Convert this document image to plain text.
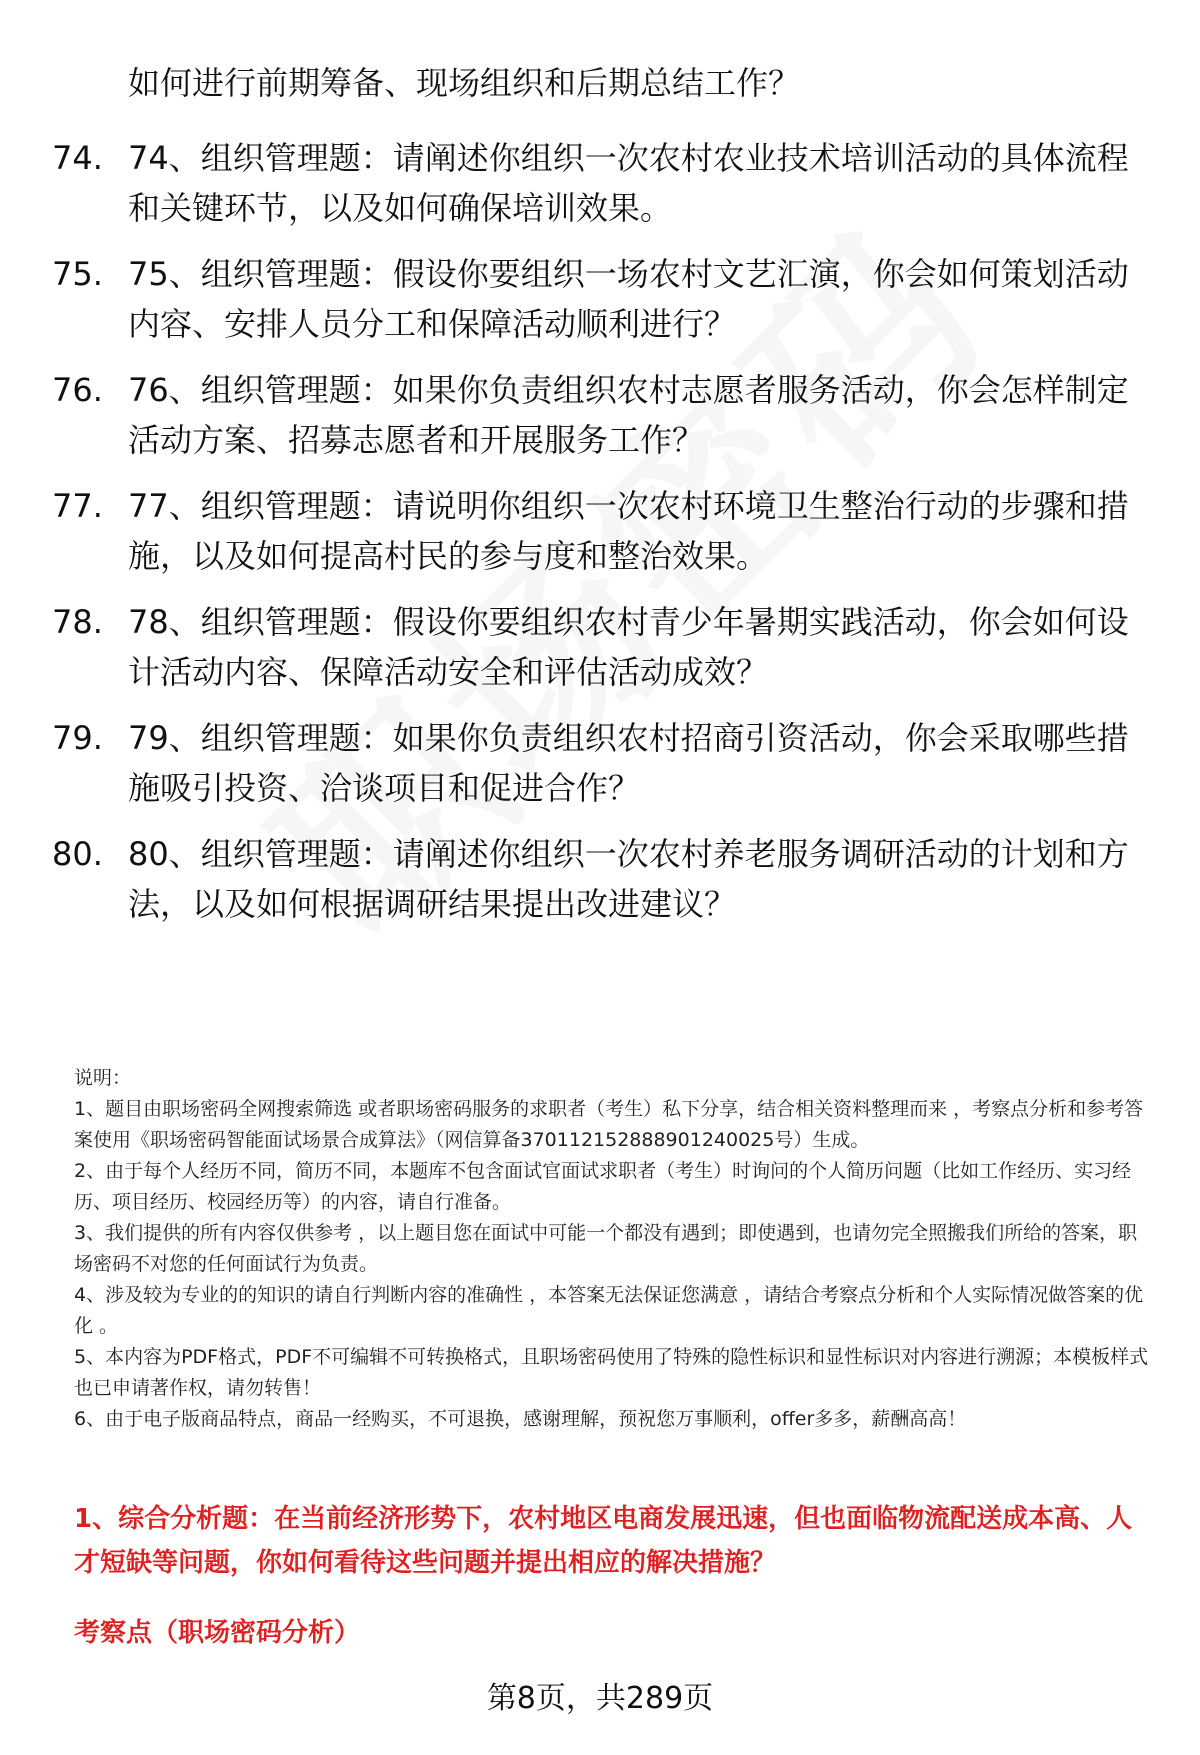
如何进行前期筹备、现场组织和后期总结工作？
74. 74、组织管理题：请阐述你组织一次农村农业技术培训活动的具体流程和关键环节，以及如何确保培训效果。
75. 75、组织管理题：假设你要组织一场农村文艺汇演，你会如何策划活动内容、安排人员分工和保障活动顺利进行？
76. 76、组织管理题：如果你负责组织农村志愿者服务活动，你会怎样制定活动方案、招募志愿者和开展服务工作？
77. 77、组织管理题：请说明你组织一次农村环境卫生整治行动的步骤和措施，以及如何提高村民的参与度和整治效果。
78. 78、组织管理题：假设你要组织农村青少年暑期实践活动，你会如何设计活动内容、保障活动安全和评估活动成效？
79. 79、组织管理题：如果你负责组织农村招商引资活动，你会采取哪些措施吸引投资、洽谈项目和促进合作？
80. 80、组织管理题：请阐述你组织一次农村养老服务调研活动的计划和方法，以及如何根据调研结果提出改进建议？

说明：

1、题目由职场密码全网搜索筛选 或者职场密码服务的求职者（考生）私下分享，结合相关资料整理而来 ，考察点分析和参考答案使用《职场密码智能面试场景合成算法》（网信算备370112152888901240025号）生成。

2、由于每个人经历不同，简历不同，本题库不包含面试官面试求职者（考生）时询问的个人简历问题（比如工作经历、实习经历、项目经历、校园经历等）的内容，请自行准备。

3、我们提供的所有内容仅供参考 ，以上题目您在面试中可能一个都没有遇到；即使遇到，也请勿完全照搬我们所给的答案，职场密码不对您的任何面试行为负责。

4、涉及较为专业的的知识的请自行判断内容的准确性 ，本答案无法保证您满意 ，请结合考察点分析和个人实际情况做答案的优化 。

5、本内容为PDF格式，PDF不可编辑不可转换格式，且职场密码使用了特殊的隐性标识和显性标识对内容进行溯源；本模板样式也已申请著作权，请勿转售！

6、由于电子版商品特点，商品一经购买，不可退换，感谢理解，预祝您万事顺利，offer多多，薪酬高高！

1、综合分析题：在当前经济形势下，农村地区电商发展迅速，但也面临物流配送成本高、人才短缺等问题，你如何看待这些问题并提出相应的解决措施？
考察点（职场密码分析）
第8页，共289页
